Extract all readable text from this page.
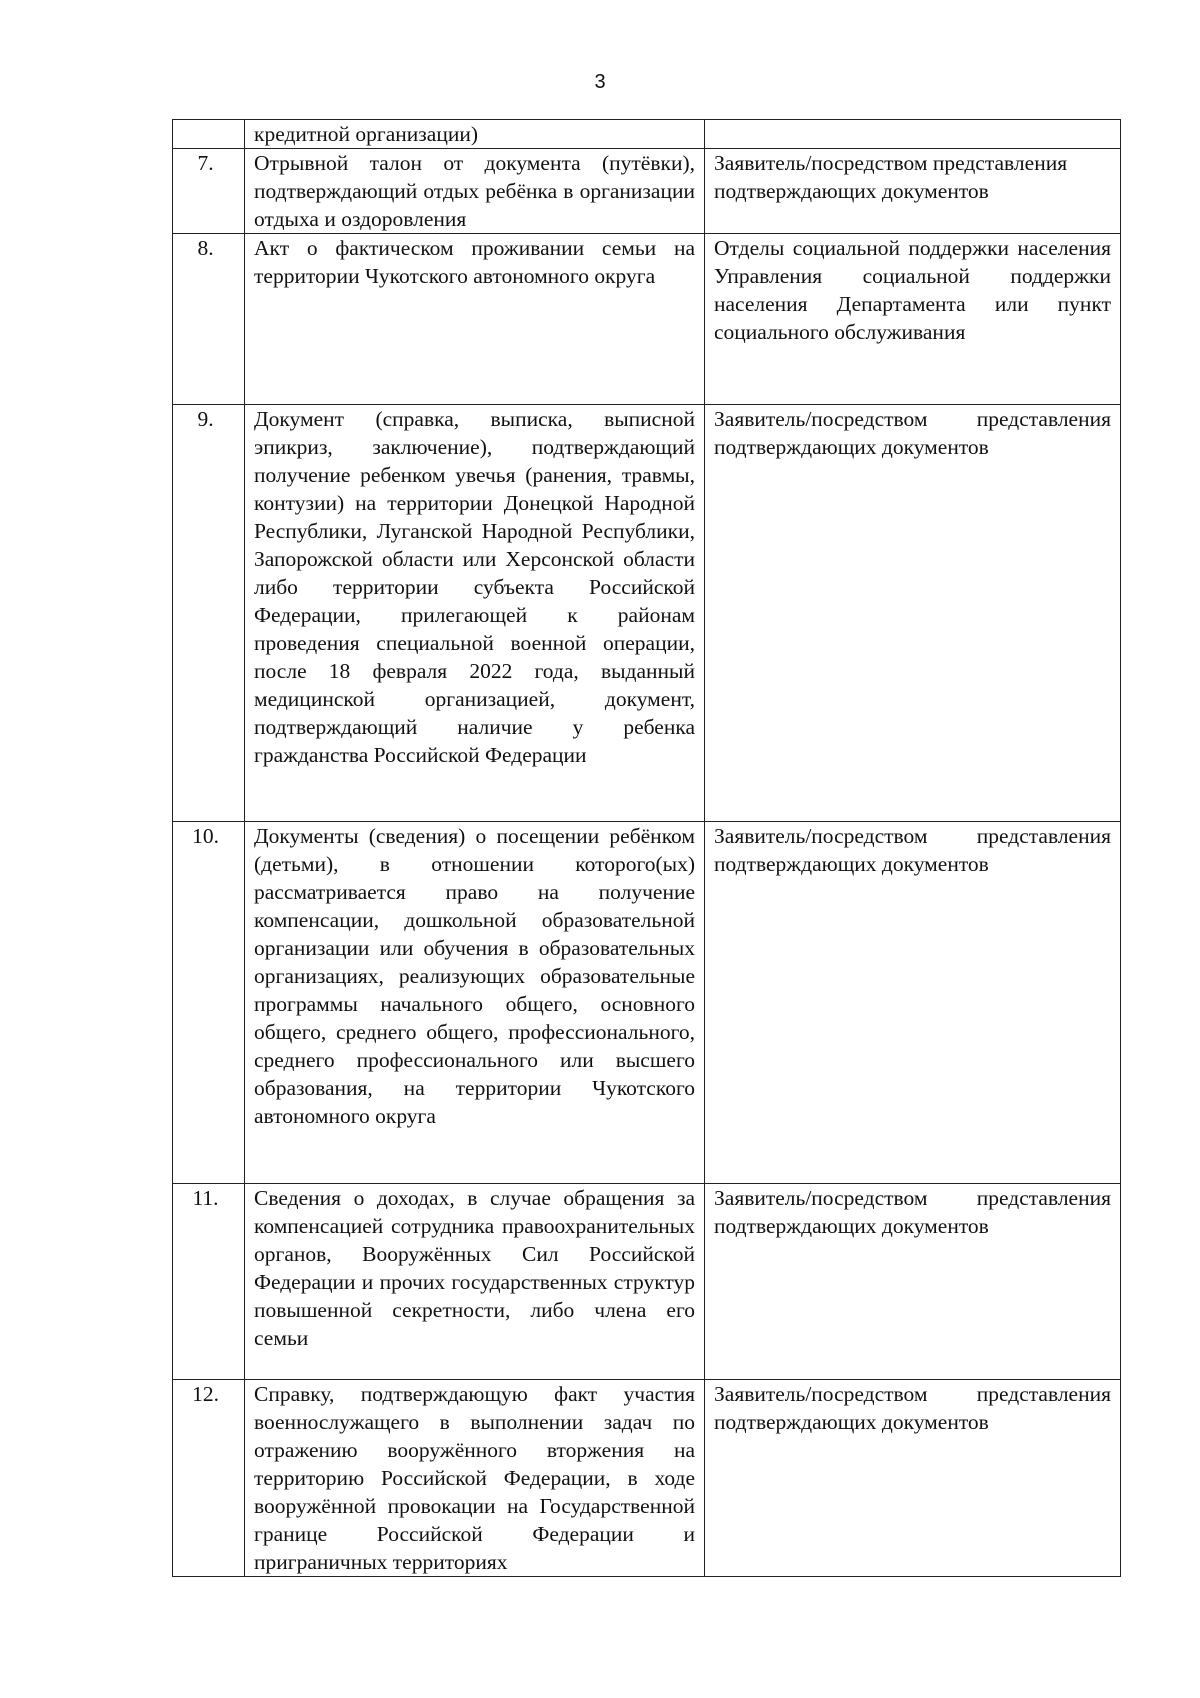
3
	кредитной организации)	
7.	Отрывной талон от документа (путёвки), подтверждающий отдых ребёнка в организации отдыха и оздоровления	Заявитель/посредством представления подтверждающих документов
8.	Акт о фактическом проживании семьи на территории Чукотского автономного округа	Отделы социальной поддержки населения Управления социальной поддержки населения Департамента или пункт социального обслуживания
9.	Документ (справка, выписка, выписной эпикриз, заключение), подтверждающий получение ребенком увечья (ранения, травмы, контузии) на территории Донецкой Народной Республики, Луганской Народной Республики, Запорожской области или Херсонской области либо территории субъекта Российской Федерации, прилегающей к районам проведения специальной военной операции, после 18 февраля 2022 года, выданный медицинской организацией, документ, подтверждающий наличие у ребенка гражданства Российской Федерации	Заявитель/посредством представления подтверждающих документов
10.	Документы (сведения) о посещении ребёнком (детьми), в отношении которого(ых) рассматривается право на получение компенсации, дошкольной образовательной организации или обучения в образовательных организациях, реализующих образовательные программы начального общего, основного общего, среднего общего, профессионального, среднего профессионального или высшего образования, на территории Чукотского автономного округа	Заявитель/посредством представления подтверждающих документов
11.	Сведения о доходах, в случае обращения за компенсацией сотрудника правоохранительных органов, Вооружённых Сил Российской Федерации и прочих государственных структур повышенной секретности, либо члена его семьи	Заявитель/посредством представления подтверждающих документов
12.	Справку, подтверждающую факт участия военнослужащего в выполнении задач по отражению вооружённого вторжения на территорию Российской Федерации, в ходе вооружённой провокации на Государственной границе Российской Федерации и приграничных территориях	Заявитель/посредством представления подтверждающих документов
